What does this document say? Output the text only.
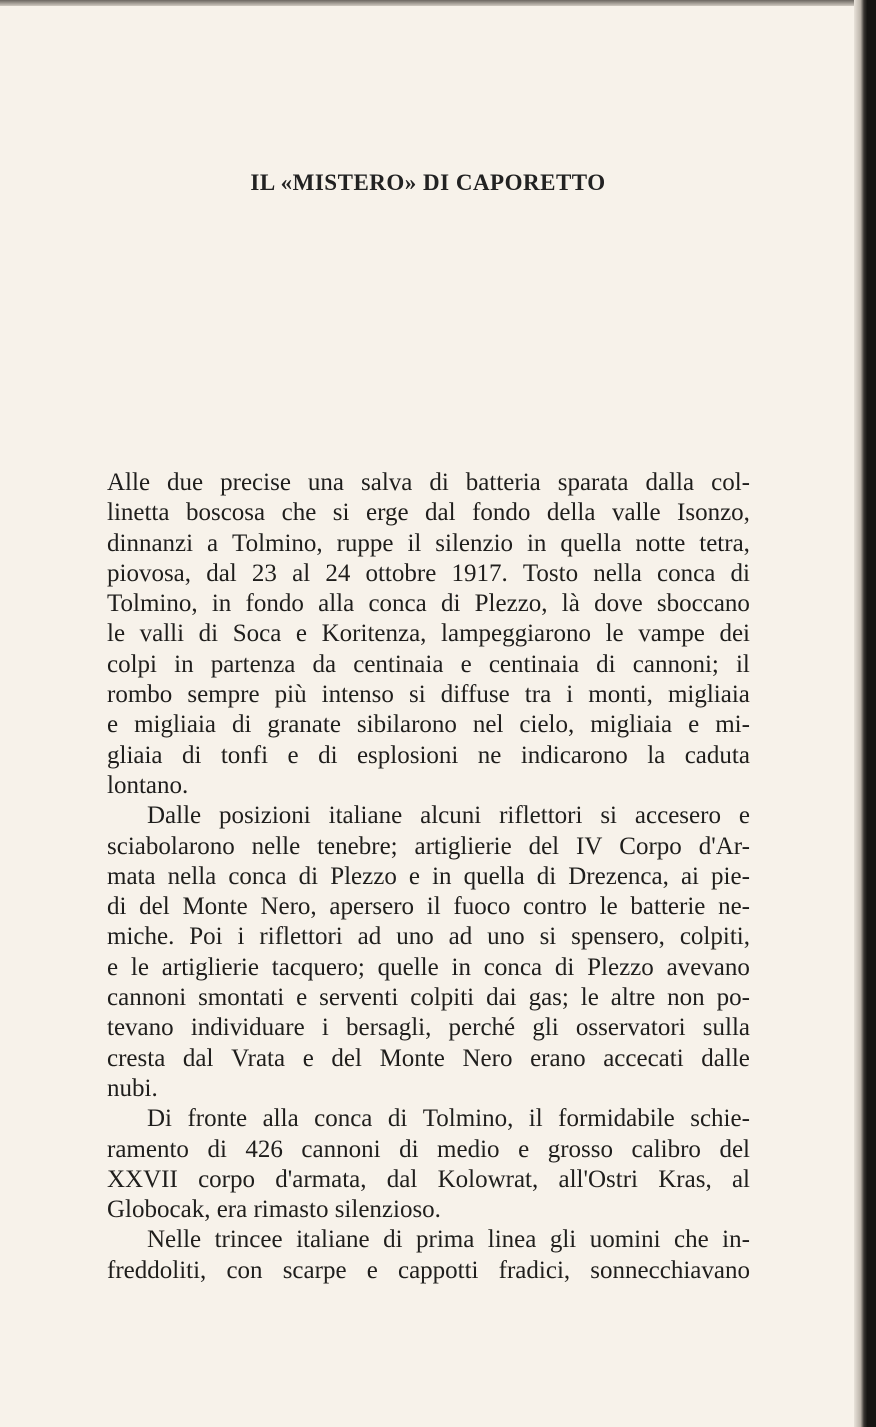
IL «MISTERO» DI CAPORETTO
Alle due precise una salva di batteria sparata dalla col-
linetta boscosa che si erge dal fondo della valle Isonzo,
dinnanzi a Tolmino, ruppe il silenzio in quella notte tetra,
piovosa, dal 23 al 24 ottobre 1917. Tosto nella conca di
Tolmino, in fondo alla conca di Plezzo, là dove sboccano
le valli di Soca e Koritenza, lampeggiarono le vampe dei
colpi in partenza da centinaia e centinaia di cannoni; il
rombo sempre più intenso si diffuse tra i monti, migliaia
e migliaia di granate sibilarono nel cielo, migliaia e mi-
gliaia di tonfi e di esplosioni ne indicarono la caduta
lontano.
Dalle posizioni italiane alcuni riflettori si accesero e
sciabolarono nelle tenebre; artiglierie del IV Corpo d'Ar-
mata nella conca di Plezzo e in quella di Drezenca, ai pie-
di del Monte Nero, apersero il fuoco contro le batterie ne-
miche. Poi i riflettori ad uno ad uno si spensero, colpiti,
e le artiglierie tacquero; quelle in conca di Plezzo avevano
cannoni smontati e serventi colpiti dai gas; le altre non po-
tevano individuare i bersagli, perché gli osservatori sulla
cresta dal Vrata e del Monte Nero erano accecati dalle
nubi.
Di fronte alla conca di Tolmino, il formidabile schie-
ramento di 426 cannoni di medio e grosso calibro del
XXVII corpo d'armata, dal Kolowrat, all'Ostri Kras, al
Globocak, era rimasto silenzioso.
Nelle trincee italiane di prima linea gli uomini che in-
freddoliti, con scarpe e cappotti fradici, sonnecchiavano
